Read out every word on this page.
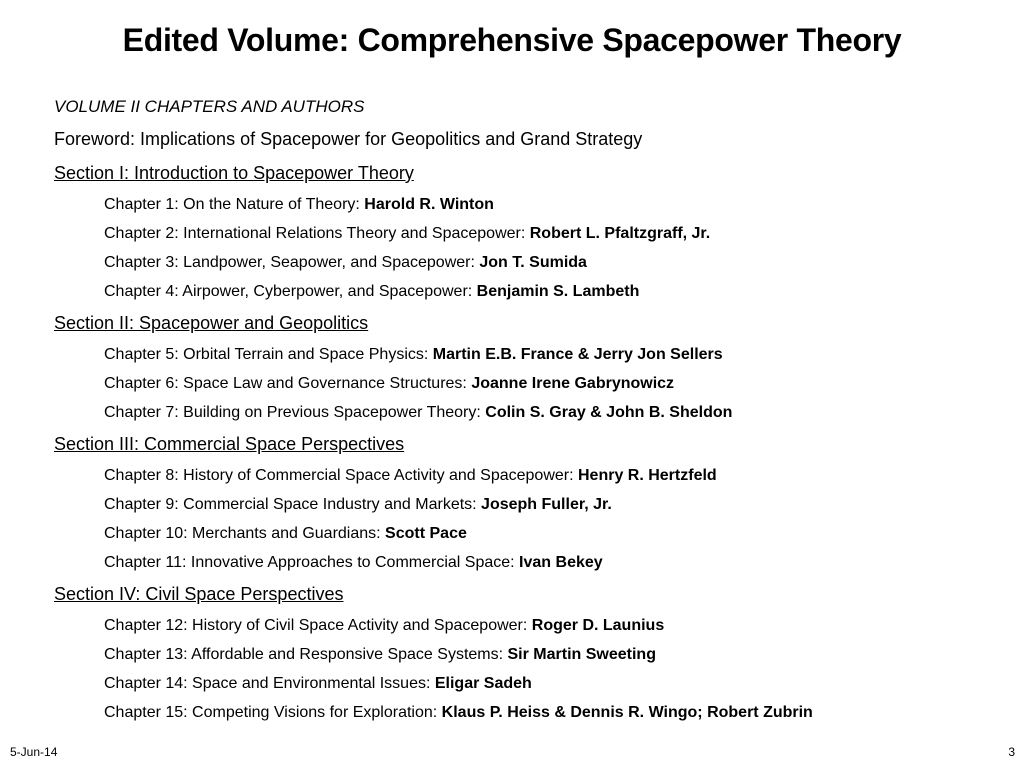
Edited Volume: Comprehensive Spacepower Theory
VOLUME II CHAPTERS AND AUTHORS
Foreword: Implications of Spacepower for Geopolitics and Grand Strategy
Section I: Introduction to Spacepower Theory
Chapter 1: On the Nature of Theory: Harold R. Winton
Chapter 2: International Relations Theory and Spacepower: Robert L. Pfaltzgraff, Jr.
Chapter 3: Landpower, Seapower, and Spacepower: Jon T. Sumida
Chapter 4: Airpower, Cyberpower, and Spacepower: Benjamin S. Lambeth
Section II: Spacepower and Geopolitics
Chapter 5: Orbital Terrain and Space Physics: Martin E.B. France & Jerry Jon Sellers
Chapter 6: Space Law and Governance Structures: Joanne Irene Gabrynowicz
Chapter 7: Building on Previous Spacepower Theory: Colin S. Gray & John B. Sheldon
Section III: Commercial Space Perspectives
Chapter 8: History of Commercial Space Activity and Spacepower: Henry R. Hertzfeld
Chapter 9: Commercial Space Industry and Markets: Joseph Fuller, Jr.
Chapter 10: Merchants and Guardians: Scott Pace
Chapter 11: Innovative Approaches to Commercial Space: Ivan Bekey
Section IV: Civil Space Perspectives
Chapter 12: History of Civil Space Activity and Spacepower: Roger D. Launius
Chapter 13: Affordable and Responsive Space Systems: Sir Martin Sweeting
Chapter 14: Space and Environmental Issues: Eligar Sadeh
Chapter 15: Competing Visions for Exploration: Klaus P. Heiss & Dennis R. Wingo; Robert Zubrin
5-Jun-14	3
